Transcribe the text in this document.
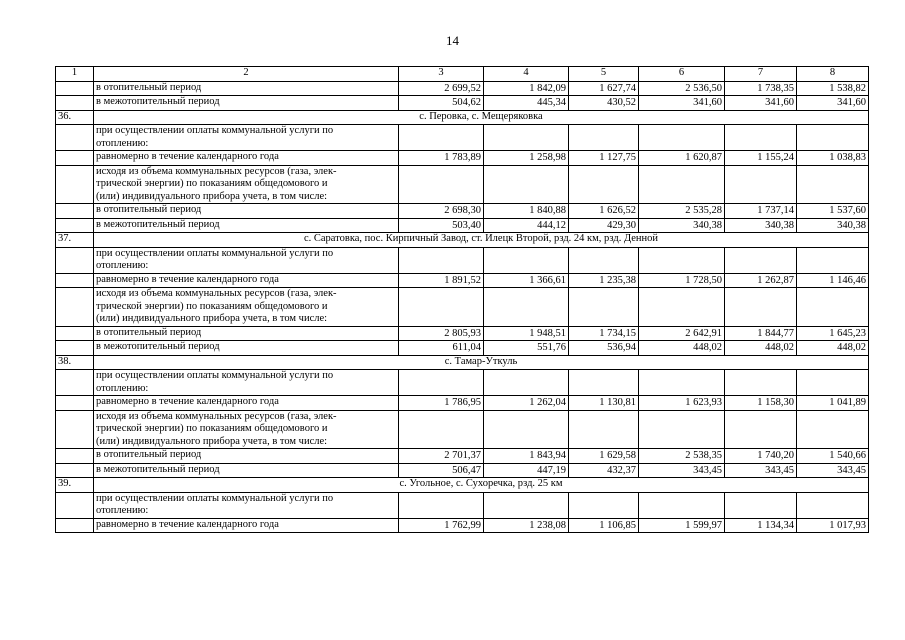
14
1	2	3	4	5	6	7	8
	в отопительный период	2 699,52	1 842,09	1 627,74	2 536,50	1 738,35	1 538,82
	в межотопительный период	504,62	445,34	430,52	341,60	341,60	341,60
36.	с. Перовка, с. Мещеряковка						

	при осуществлении оплаты коммунальной услуги по
отоплению:						

	равномерно в течение календарного года	1 783,89	1 258,98	1 127,75	1 620,87	1 155,24	1 038,83

	исходя из объема коммунальных ресурсов (газа, элек-
трической энергии) по показаниям общедомового и
(или) индивидуального прибора учета, в том числе:						

	в отопительный период	2 698,30	1 840,88	1 626,52	2 535,28	1 737,14	1 537,60
	в межотопительный период	503,40	444,12	429,30	340,38	340,38	340,38
37.	с. Саратовка, пос. Кирпичный Завод, ст. Илецк Второй, рзд. 24 км, рзд. Денной						

	при осуществлении оплаты коммунальной услуги по
отоплению:						

	равномерно в течение календарного года	1 891,52	1 366,61	1 235,38	1 728,50	1 262,87	1 146,46

	исходя из объема коммунальных ресурсов (газа, элек-
трической энергии) по показаниям общедомового и
(или) индивидуального прибора учета, в том числе:						

	в отопительный период	2 805,93	1 948,51	1 734,15	2 642,91	1 844,77	1 645,23
	в межотопительный период	611,04	551,76	536,94	448,02	448,02	448,02
38.	с. Тамар-Уткуль						

	при осуществлении оплаты коммунальной услуги по
отоплению:						

	равномерно в течение календарного года	1 786,95	1 262,04	1 130,81	1 623,93	1 158,30	1 041,89

	исходя из объема коммунальных ресурсов (газа, элек-
трической энергии) по показаниям общедомового и
(или) индивидуального прибора учета, в том числе:						

	в отопительный период	2 701,37	1 843,94	1 629,58	2 538,35	1 740,20	1 540,66
	в межотопительный период	506,47	447,19	432,37	343,45	343,45	343,45
39.	с. Угольное, с. Сухоречка, рзд. 25 км						

	при осуществлении оплаты коммунальной услуги по
отоплению:						

	равномерно в течение календарного года	1 762,99	1 238,08	1 106,85	1 599,97	1 134,34	1 017,93
